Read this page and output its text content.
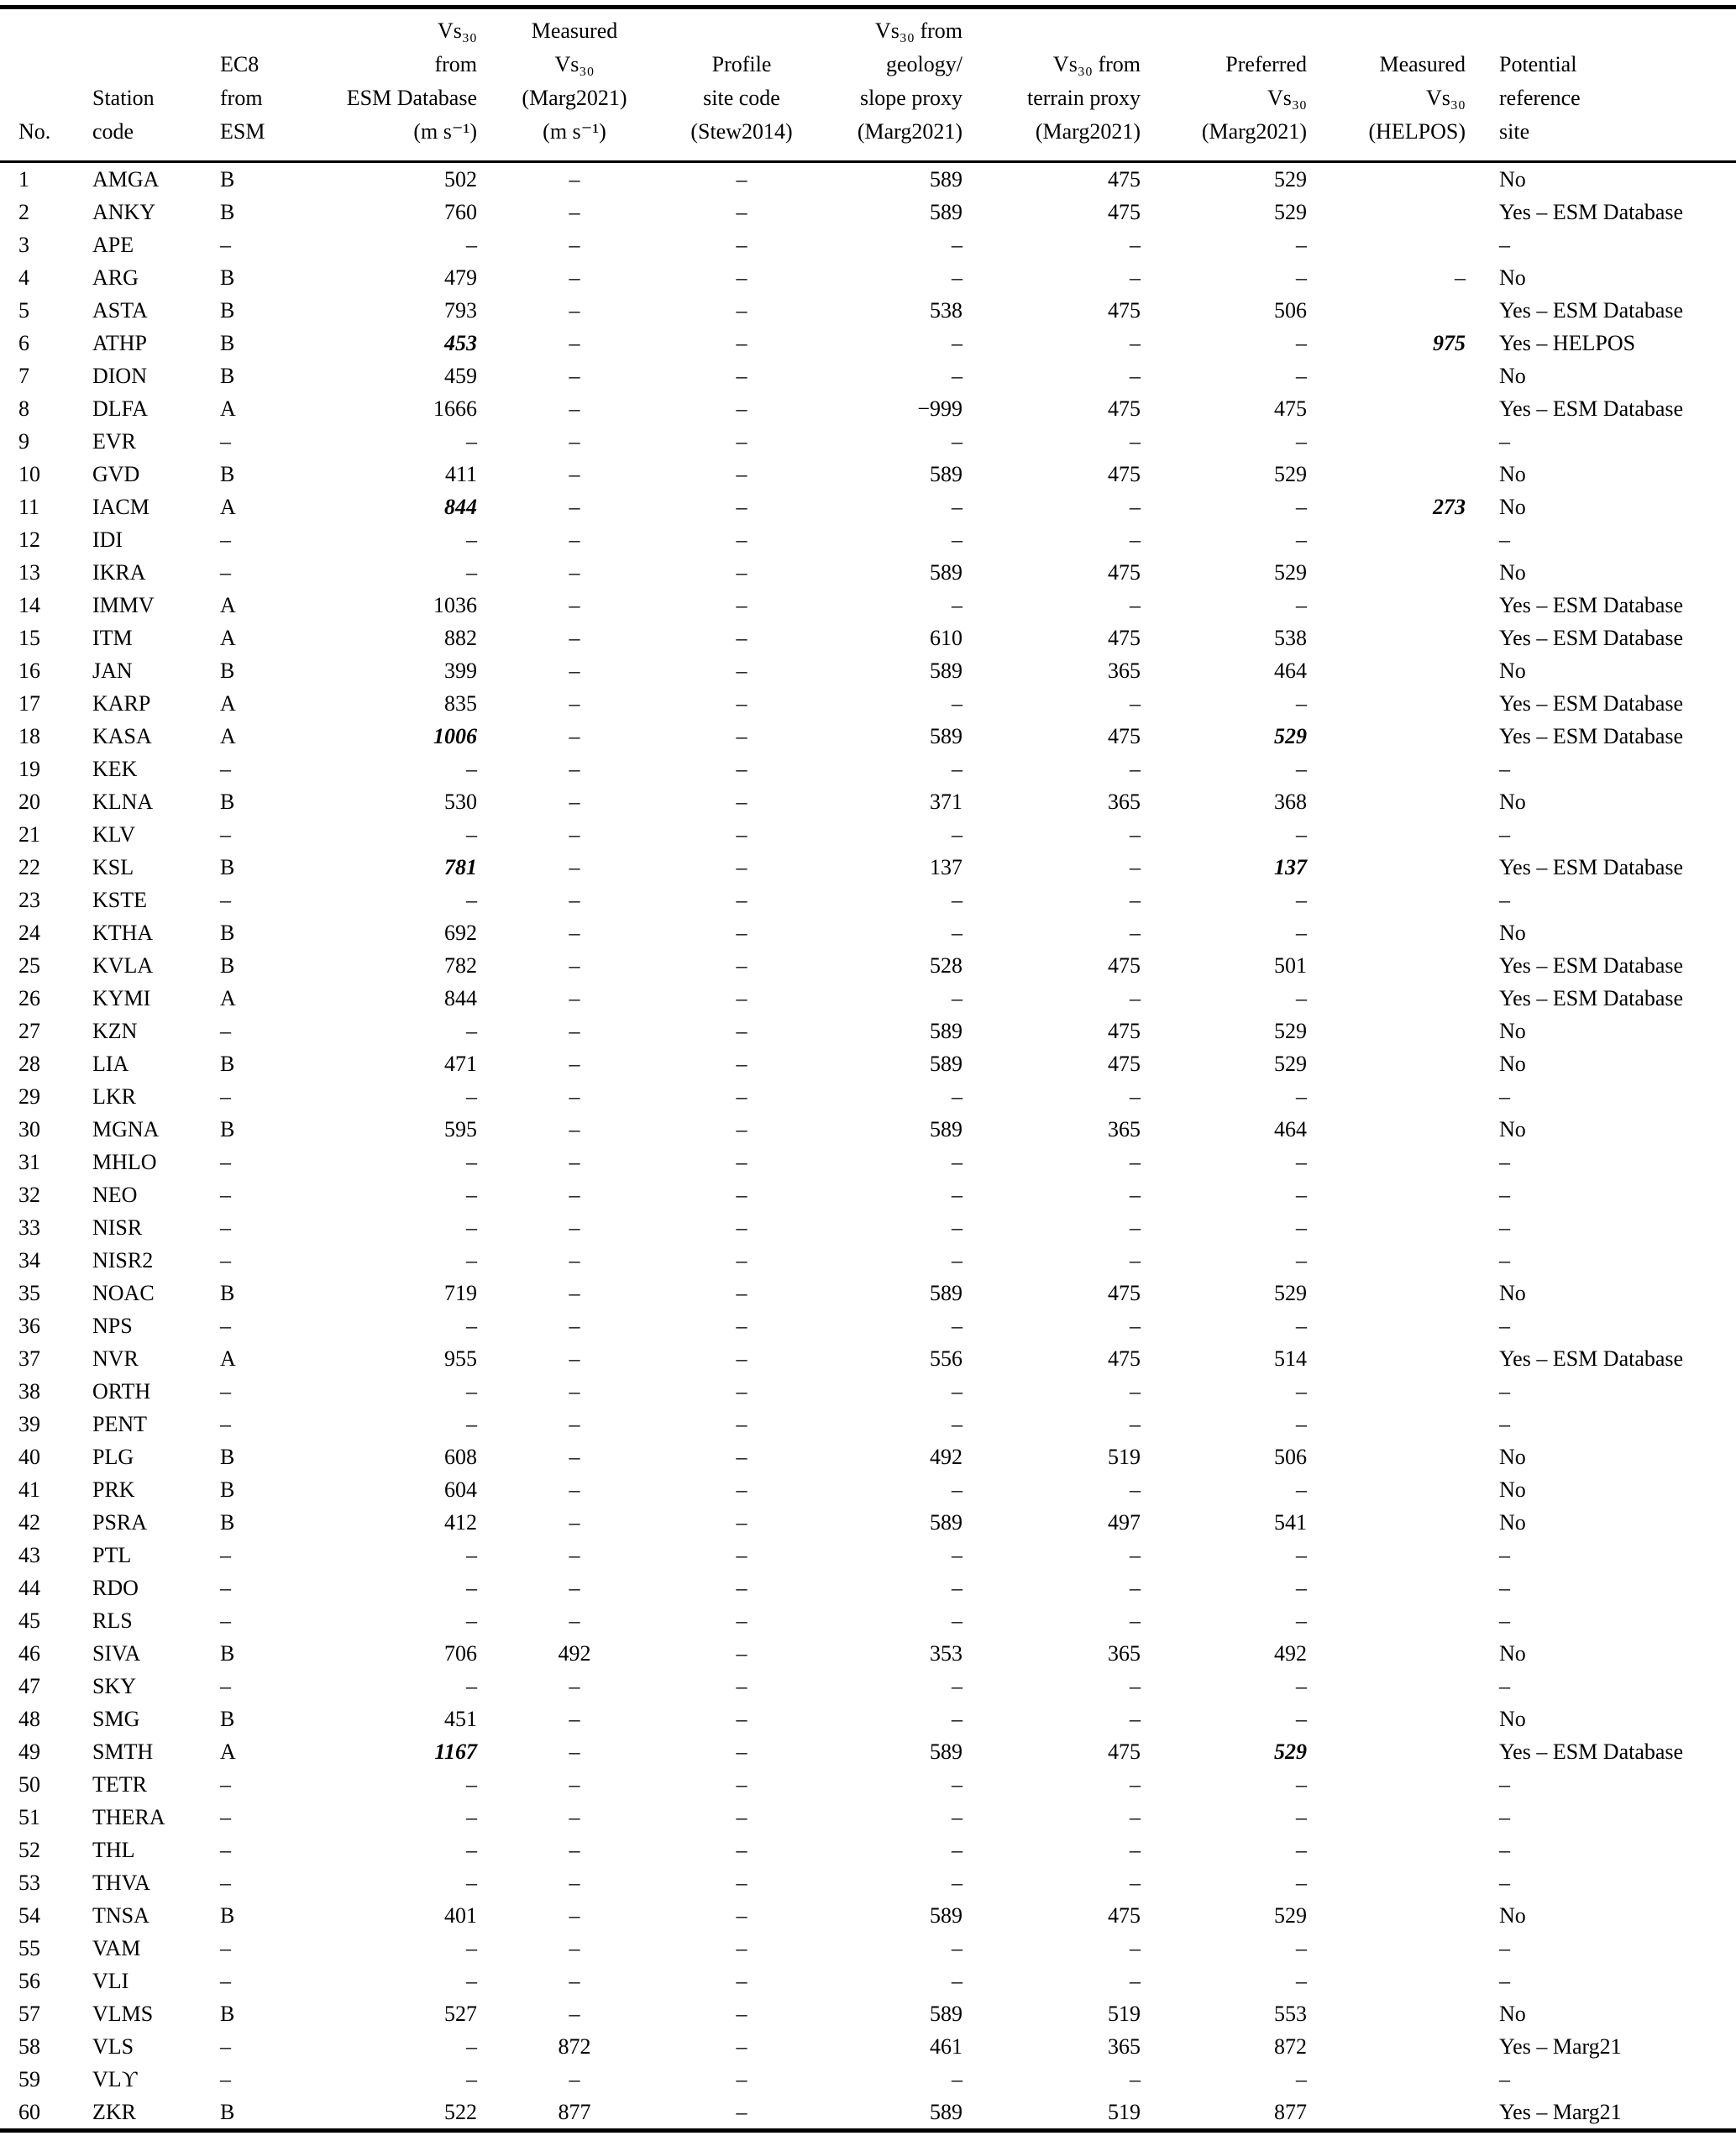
No.

Station
code

EC8
from
ESM

Vs₃₀
from
ESM Database
(m s⁻¹)

Measured
Vs₃₀
(Marg2021)
(m s⁻¹)

Profile
site code
(Stew2014)

Vs₃₀ from
geology/
slope proxy
(Marg2021)

Vs₃₀ from
terrain proxy
(Marg2021)

Preferred
Vs₃₀
(Marg2021)

Measured
Vs₃₀
(HELPOS)

Potential
reference
site

1	AMGA	B	502	–	–	589	475	529		No
2	ANKY	B	760	–	–	589	475	529		Yes – ESM Database
3	APE	–	–	–	–	–	–	–		–
4	ARG	B	479	–	–	–	–	–	–	No
5	ASTA	B	793	–	–	538	475	506		Yes – ESM Database
6	ATHP	B	453	–	–	–	–	–	975	Yes – HELPOS
7	DION	B	459	–	–	–	–	–		No
8	DLFA	A	1666	–	–	−999	475	475		Yes – ESM Database
9	EVR	–	–	–	–	–	–	–		–
10	GVD	B	411	–	–	589	475	529		No
11	IACM	A	844	–	–	–	–	–	273	No
12	IDI	–	–	–	–	–	–	–		–
13	IKRA	–	–	–	–	589	475	529		No
14	IMMV	A	1036	–	–	–	–	–		Yes – ESM Database
15	ITM	A	882	–	–	610	475	538		Yes – ESM Database
16	JAN	B	399	–	–	589	365	464		No
17	KARP	A	835	–	–	–	–	–		Yes – ESM Database
18	KASA	A	1006	–	–	589	475	529		Yes – ESM Database
19	KEK	–	–	–	–	–	–	–		–
20	KLNA	B	530	–	–	371	365	368		No
21	KLV	–	–	–	–	–	–	–		–
22	KSL	B	781	–	–	137	–	137		Yes – ESM Database
23	KSTE	–	–	–	–	–	–	–		–
24	KTHA	B	692	–	–	–	–	–		No
25	KVLA	B	782	–	–	528	475	501		Yes – ESM Database
26	KYMI	A	844	–	–	–	–	–		Yes – ESM Database
27	KZN	–	–	–	–	589	475	529		No
28	LIA	B	471	–	–	589	475	529		No
29	LKR	–	–	–	–	–	–	–		–
30	MGNA	B	595	–	–	589	365	464		No
31	MHLO	–	–	–	–	–	–	–		–
32	NEO	–	–	–	–	–	–	–		–
33	NISR	–	–	–	–	–	–	–		–
34	NISR2	–	–	–	–	–	–	–		–
35	NOAC	B	719	–	–	589	475	529		No
36	NPS	–	–	–	–	–	–	–		–
37	NVR	A	955	–	–	556	475	514		Yes – ESM Database
38	ORTH	–	–	–	–	–	–	–		–
39	PENT	–	–	–	–	–	–	–		–
40	PLG	B	608	–	–	492	519	506		No
41	PRK	B	604	–	–	–	–	–		No
42	PSRA	B	412	–	–	589	497	541		No
43	PTL	–	–	–	–	–	–	–		–
44	RDO	–	–	–	–	–	–	–		–
45	RLS	–	–	–	–	–	–	–		–
46	SIVA	B	706	492	–	353	365	492		No
47	SKY	–	–	–	–	–	–	–		–
48	SMG	B	451	–	–	–	–	–		No
49	SMTH	A	1167	–	–	589	475	529		Yes – ESM Database
50	TETR	–	–	–	–	–	–	–		–
51	THERA	–	–	–	–	–	–	–		–
52	THL	–	–	–	–	–	–	–		–
53	THVA	–	–	–	–	–	–	–		–
54	TNSA	B	401	–	–	589	475	529		No
55	VAM	–	–	–	–	–	–	–		–
56	VLI	–	–	–	–	–	–	–		–
57	VLMS	B	527	–	–	589	519	553		No
58	VLS	–	–	872	–	461	365	872		Yes – Marg21
59	VLϒ	–	–	–	–	–	–	–		–
60	ZKR	B	522	877	–	589	519	877		Yes – Marg21
